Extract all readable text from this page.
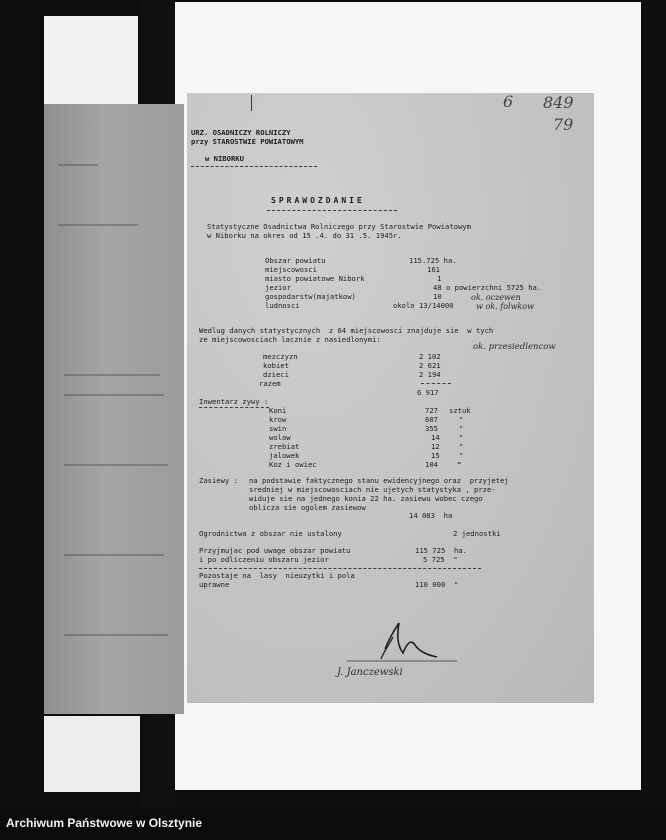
URZ. OSADNICZY ROLNICZY
przy STAROSTWIE POWIATOWYM
w NIBORKU
6 849
79
SPRAWOZDANIE
Statystyczne Osadnictwa Rolniczego przy Starostwie Powiatowym
w Niborku na okres od 15 .4. do 31 .5. 1945r.
Obszar powiatu	115.725 ha.
miejscowosci	161
miasto powiatowe Nibork	1
jezior	48 o powierzchni 5725 ha.
gospodarstw(majatkow)	10
ludnosci	okolo 13/14000
ok. oczewen
w ok. folwkow
Wedlug danych statystycznych  z 64 miejscowosci znajduje sie  w tych
ze miejscowosciach lacznie z nasiedlonymi:
ok. przesiedlencow
mezczyzn	2 102
kobiet	2 621
dzieci	2 194
razem
6 917
Inwentarz zywy :
Koni	727 sztuk
krow	607	"
swin	355	"
wolow	14	"
zrebiat	12	"
jalowek	15	"
Koz i owiec	104	"
Zasiewy : na podstawie faktycznego stanu ewidencyjnego oraz  przyjetej
sredniej w miejscowosciach nie ujetych statystyka , prze-
widuje sie na jednego konia 22 ha. zasiewu wobec czego
oblicza sie ogolem zasiewow
14 083  ha
Ogrodnictwa z obszar nie ustalony	2 jednostki
Przyjmujac pod uwage obszar powiatu	115 725  ha.
i po odliczeniu obszaru jezior	5 725  "
Pozostaje na  lasy  nieuzytki i pola
uprawne	110 000  "
J. Janczewski
Archiwum Państwowe w Olsztynie
